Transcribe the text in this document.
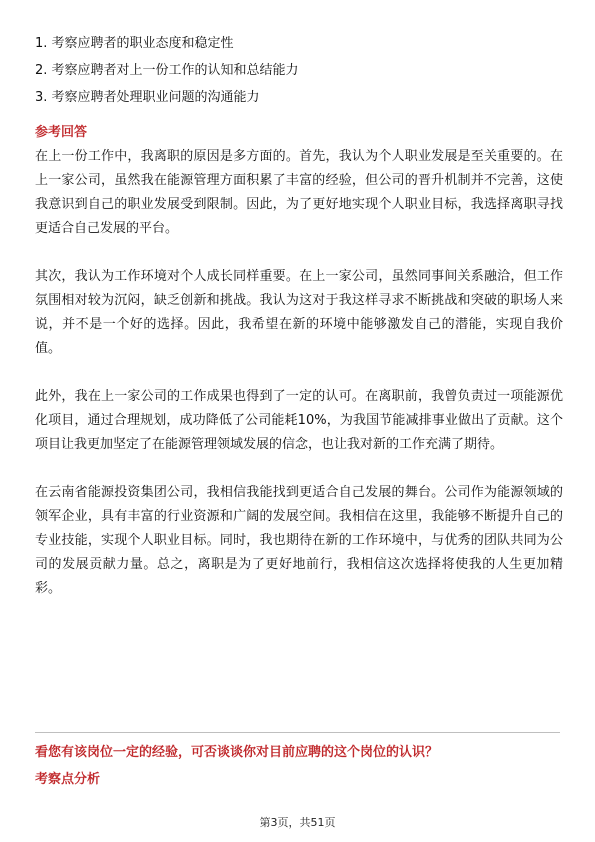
1. 考察应聘者的职业态度和稳定性
2. 考察应聘者对上一份工作的认知和总结能力
3. 考察应聘者处理职业问题的沟通能力
参考回答

在上一份工作中，我离职的原因是多方面的。首先，我认为个人职业发展是至关重要的。在上一家公司，虽然我在能源管理方面积累了丰富的经验，但公司的晋升机制并不完善，这使我意识到自己的职业发展受到限制。因此，为了更好地实现个人职业目标，我选择离职寻找更适合自己发展的平台。

其次，我认为工作环境对个人成长同样重要。在上一家公司，虽然同事间关系融洽，但工作氛围相对较为沉闷，缺乏创新和挑战。我认为这对于我这样寻求不断挑战和突破的职场人来说，并不是一个好的选择。因此，我希望在新的环境中能够激发自己的潜能，实现自我价值。

此外，我在上一家公司的工作成果也得到了一定的认可。在离职前，我曾负责过一项能源优化项目，通过合理规划，成功降低了公司能耗10%，为我国节能减排事业做出了贡献。这个项目让我更加坚定了在能源管理领域发展的信念，也让我对新的工作充满了期待。

在云南省能源投资集团公司，我相信我能找到更适合自己发展的舞台。公司作为能源领域的领军企业，具有丰富的行业资源和广阔的发展空间。我相信在这里，我能够不断提升自己的专业技能，实现个人职业目标。同时，我也期待在新的工作环境中，与优秀的团队共同为公司的发展贡献力量。总之，离职是为了更好地前行，我相信这次选择将使我的人生更加精彩。

看您有该岗位一定的经验，可否谈谈你对目前应聘的这个岗位的认识？
考察点分析
第3页，共51页
